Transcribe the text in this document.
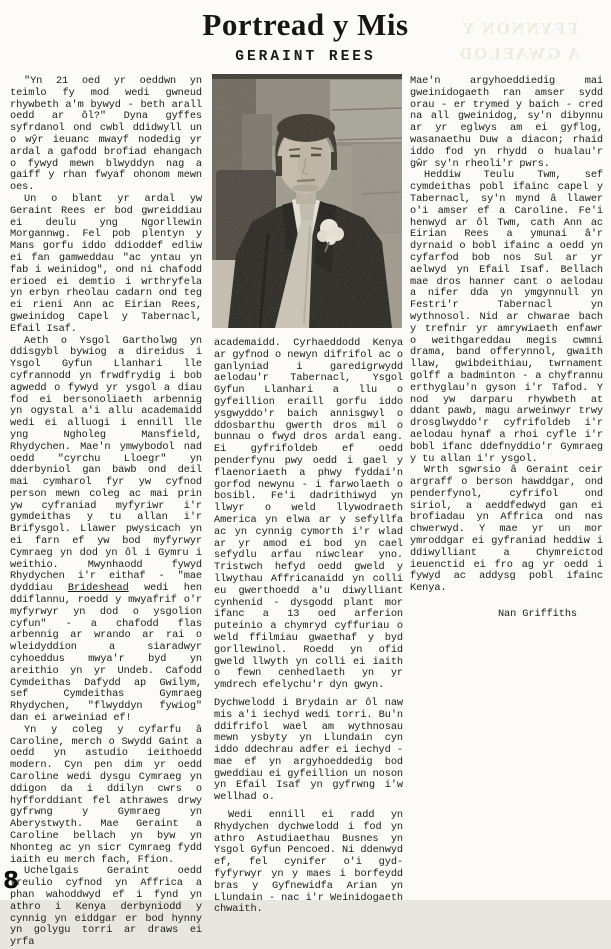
FFYNNON Y
A GWAELOD
Portread y Mis
GERAINT REES

"Yn 21 oed yr oeddwn yn teimlo fy mod wedi gwneud rhywbeth a'm bywyd - beth arall oedd ar ôl?" Dyna gyffes syfrdanol ond cwbl ddidwyll un o wŷr ieuanc mwayf nodedig yr ardal a gafodd brofiad ehangach o fywyd mewn blwyddyn nag a gaiff y rhan fwyaf ohonom mewn oes.

Un o blant yr ardal yw Geraint Rees er bod gwreiddiau ei deulu yng Ngorllewin Morgannwg. Fel pob plentyn y Mans gorfu iddo ddioddef edliw ei fan gamweddau "ac yntau yn fab i weinidog", ond ni chafodd erioed ei demtio i wrthryfela yn erbyn rheolau cadarn ond teg ei rieni Ann ac Eirian Rees, gweinidog Capel y Tabernacl, Efail Isaf.

Aeth o Ysgol Gartholwg yn ddisgybl bywiog a direidus i Ysgol Gyfun Llanhari lle cyfrannodd yn frwdfrydig i bob agwedd o fywyd yr ysgol a diau fod ei bersonoliaeth arbennig yn ogystal a'i allu academaidd wedi ei alluogi i ennill lle yng Ngholeg Mansfield, Rhydychen. Mae'n ymwybodol nad oedd "cyrchu Lloegr" yn dderbyniol gan bawb ond deil mai cymharol fyr yw cyfnod person mewn coleg ac mai prin yw cyfraniad myfyriwr i'r gymdeithas y tu allan i'r Brifysgol. Llawer pwysicach yn ei farn ef yw bod myfyrwyr Cymraeg yn dod yn ôl i Gymru i weithio. Mwynhaodd fywyd Rhydychen i'r eithaf - "mae dyddiau Brideshead wedi hen ddiflannu, roedd y mwyafrif o'r myfyrwyr yn dod o ysgolion cyfun" - a chafodd flas arbennig ar wrando ar rai o wleidyddion a siaradwyr cyhoeddus mwya'r byd yn areithio yn yr Undeb. Cafodd Cymdeithas Dafydd ap Gwilym, sef Cymdeithas Gymraeg Rhydychen, "flwyddyn fywiog" dan ei arweiniad ef!

Yn y coleg y cyfarfu â Caroline, merch o Swydd Gaint a oedd yn astudio ieithoedd modern. Cyn pen dim yr oedd Caroline wedi dysgu Cymraeg yn ddigon da i ddilyn cwrs o hyfforddiant fel athrawes drwy gyfrwng y Gymraeg yn Aberystwyth. Mae Geraint a Caroline bellach yn byw yn Nhonteg ac yn sicr Cymraeg fydd iaith eu merch fach, Ffion.

Uchelgais Geraint oedd treulio cyfnod yn Affrica a phan wahoddwyd ef i fynd yn athro i Kenya derbyniodd y cynnig yn eiddgar er bod hynny yn golygu torri ar draws ei yrfa

academaidd. Cyrhaeddodd Kenya ar gyfnod o newyn difrifol ac o ganlyniad i garedigrwydd aelodau'r Tabernacl, Ysgol Gyfun Llanhari a llu o gyfeillion eraill gorfu iddo ysgwyddo'r baich annisgwyl o ddosbarthu gwerth dros mil o bunnau o fwyd dros ardal eang. Ei gyfrifoldeb ef oedd penderfynu pwy oedd i gael y flaenoriaeth a phwy fyddai'n gorfod newynu - i farwolaeth o bosibl. Fe'i dadrithiwyd yn llwyr o weld llywodraeth America yn elwa ar y sefyllfa ac yn cynnig cymorth i'r wlad ar yr amod ei bod yn cael sefydlu arfau niwclear yno. Tristwch hefyd oedd gweld y llwythau Affricanaidd yn colli eu gwerthoedd a'u diwylliant cynhenid - dysgodd plant mor ifanc a 13 oed arferion puteinio a chymryd cyffuriau o weld ffilmiau gwaethaf y byd gorllewinol. Roedd yn ofid gweld llwyth yn colli ei iaith o fewn cenhedlaeth yn yr ymdrech efelychu'r dyn gwyn.

Dychwelodd i Brydain ar ôl naw mis a'i iechyd wedi torri. Bu'n ddifrifol wael am wythnosau mewn ysbyty yn Llundain cyn iddo ddechrau adfer ei iechyd - mae ef yn argyhoeddedig bod gweddiau ei gyfeillion un noson yn Efail Isaf yn gyfrwng i'w wellhad o.

Wedi ennill ei radd yn Rhydychen dychwelodd i fod yn athro Astudiaethau Busnes yn Ysgol Gyfun Pencoed. Ni ddenwyd ef, fel cynifer o'i gyd-fyfyrwyr yn y maes i borfeydd bras y Gyfnewidfa Arian yn Llundain - nac i'r Weinidogaeth chwaith.

Mae'n argyhoeddiedig mai gweinidogaeth ran amser sydd orau - er trymed y baich - cred na all gweinidog, sy'n dibynnu ar yr eglwys am ei gyflog, wasanaethu Duw a diacon; rhaid iddo fod yn rhydd o hualau'r gŵr sy'n rheoli'r pwrs.

Heddiw Teulu Twm, sef cymdeithas pobl ifainc capel y Tabernacl, sy'n mynd â llawer o'i amser ef a Caroline. Fe'i henwyd ar ôl Twm, cath Ann ac Eirian Rees a ymunai â'r dyrnaid o bobl ifainc a oedd yn cyfarfod bob nos Sul ar yr aelwyd yn Efail Isaf. Bellach mae dros hanner cant o aelodau a nifer dda yn ymgynnull yn Festri'r Tabernacl yn wythnosol. Nid ar chwarae bach y trefnir yr amrywiaeth enfawr o weithgareddau megis cwmni drama, band offerynnol, gwaith llaw, gwibdeithiau, twrnament golff a badminton - a chyfrannu erthyglau'n gyson i'r Tafod. Y nod yw darparu rhywbeth at ddant pawb, magu arweinwyr trwy drosglwyddo'r cyfrifoldeb i'r aelodau hynaf a rhoi cyfle i'r bobl ifanc ddefnyddio'r Gymraeg y tu allan i'r ysgol.

Wrth sgwrsio â Geraint ceir argraff o berson hawddgar, ond penderfynol, cyfrifol ond siriol, a aeddfedwyd gan ei brofiadau yn Affrica ond nas chwerwyd. Y mae yr un mor ymroddgar ei gyfraniad heddiw i ddiwylliant a Chymreictod ieuenctid ei fro ag yr oedd i fywyd ac addysg pobl ifainc Kenya.

Nan Griffiths
8
